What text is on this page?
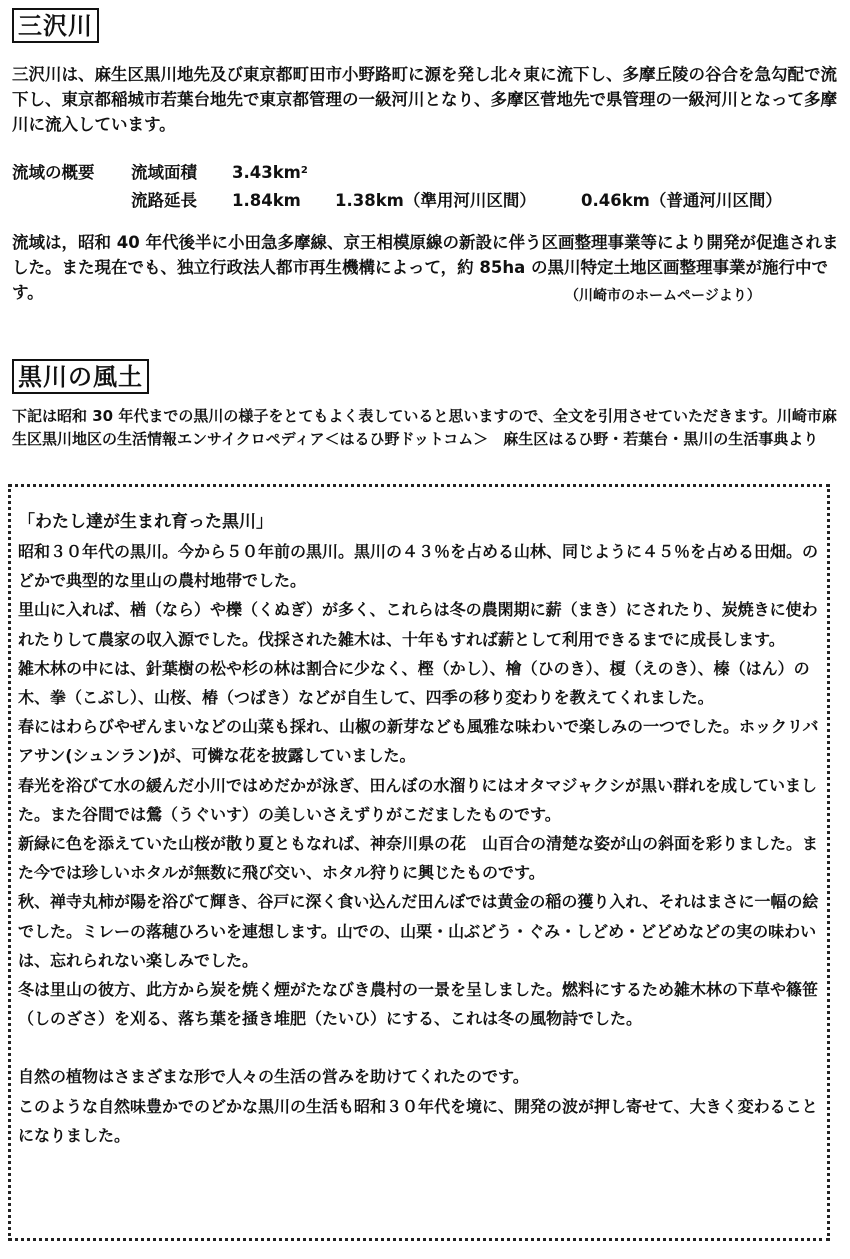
三沢川

三沢川は、麻生区黒川地先及び東京都町田市小野路町に源を発し北々東に流下し、多摩丘陵の谷合を急勾配で流下し、東京都稲城市若葉台地先で東京都管理の一級河川となり、多摩区菅地先で県管理の一級河川となって多摩川に流入しています。

流域の概要 流域面積 $3.43km^2$
流路延長 1.84km 1.38km（準用河川区間）	0.46km（普通河川区間）

流域は，昭和 40 年代後半に小田急多摩線、京王相模原線の新設に伴う区画整理事業等により開発が促進されました。また現在でも、独立行政法人都市再生機構によって，約 85ha の黒川特定土地区画整理事業が施行中です。	（川崎市のホームページより）
黒川の風土

下記は昭和 30 年代までの黒川の様子をとてもよく表していると思いますので、全文を引用させていただきます。川崎市麻生区黒川地区の生活情報エンサイクロペディア＜はるひ野ドットコム＞　麻生区はるひ野・若葉台・黒川の生活事典より

「わたし達が生まれ育った黒川」

昭和３０年代の黒川。今から５０年前の黒川。黒川の４３％を占める山林、同じように４５％を占める田畑。のどかで典型的な里山の農村地帯でした。

里山に入れば、楢（なら）や櫟（くぬぎ）が多く、これらは冬の農閑期に薪（まき）にされたり、炭焼きに使われたりして農家の収入源でした。伐採された雑木は、十年もすれば薪として利用できるまでに成長します。

雑木林の中には、針葉樹の松や杉の林は割合に少なく、樫（かし）、檜（ひのき）、榎（えのき）、榛（はん）の木、拳（こぶし）、山桜、椿（つばき）などが自生して、四季の移り変わりを教えてくれました。

春にはわらびやぜんまいなどの山菜も採れ、山椒の新芽なども風雅な味わいで楽しみの一つでした。ホックリバアサン(シュンラン)が、可憐な花を披露していました。

春光を浴びて水の緩んだ小川ではめだかが泳ぎ、田んぼの水溜りにはオタマジャクシが黒い群れを成していました。また谷間では鶯（うぐいす）の美しいさえずりがこだましたものです。

新緑に色を添えていた山桜が散り夏ともなれば、神奈川県の花　山百合の清楚な姿が山の斜面を彩りました。また今では珍しいホタルが無数に飛び交い、ホタル狩りに興じたものです。

秋、禅寺丸柿が陽を浴びて輝き、谷戸に深く食い込んだ田んぼでは黄金の稲の獲り入れ、それはまさに一幅の絵でした。ミレーの落穂ひろいを連想します。山での、山栗・山ぶどう・ぐみ・しどめ・どどめなどの実の味わいは、忘れられない楽しみでした。

冬は里山の彼方、此方から炭を焼く煙がたなびき農村の一景を呈しました。燃料にするため雑木林の下草や篠笹（しのざさ）を刈る、落ち葉を掻き堆肥（たいひ）にする、これは冬の風物詩でした。

自然の植物はさまざまな形で人々の生活の営みを助けてくれたのです。

このような自然味豊かでのどかな黒川の生活も昭和３０年代を境に、開発の波が押し寄せて、大きく変わることになりました。
